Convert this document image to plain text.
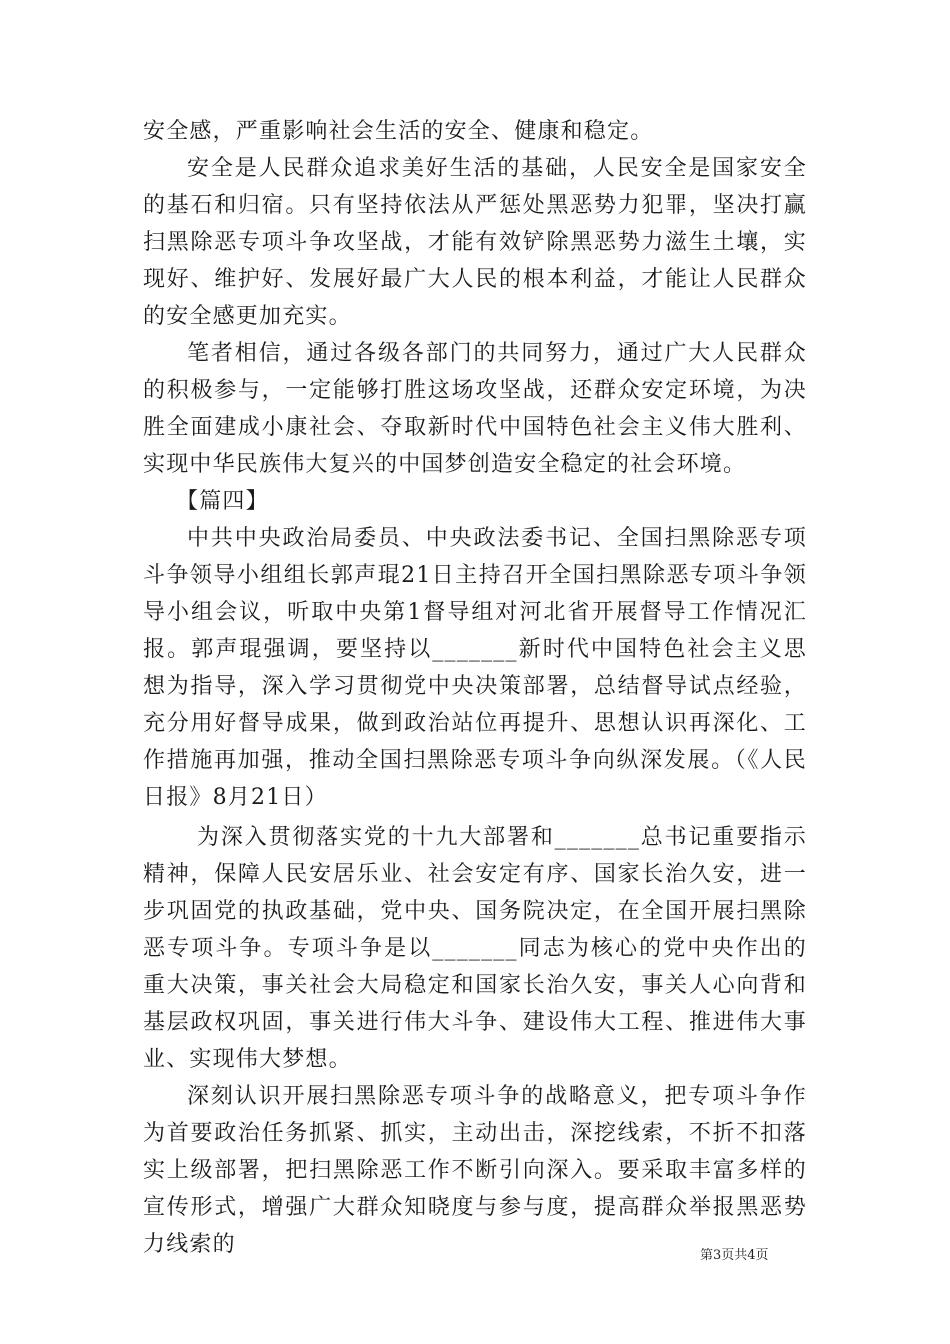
安全感，严重影响社会生活的安全、健康和稳定。

安全是人民群众追求美好生活的基础，人民安全是国家安全的基石和归宿。只有坚持依法从严惩处黑恶势力犯罪，坚决打赢扫黑除恶专项斗争攻坚战，才能有效铲除黑恶势力滋生土壤，实现好、维护好、发展好最广大人民的根本利益，才能让人民群众的安全感更加充实。

笔者相信，通过各级各部门的共同努力，通过广大人民群众的积极参与，一定能够打胜这场攻坚战，还群众安定环境，为决胜全面建成小康社会、夺取新时代中国特色社会主义伟大胜利、实现中华民族伟大复兴的中国梦创造安全稳定的社会环境。

【篇四】

中共中央政治局委员、中央政法委书记、全国扫黑除恶专项斗争领导小组组长郭声琨21日主持召开全国扫黑除恶专项斗争领导小组会议，听取中央第1督导组对河北省开展督导工作情况汇报。郭声琨强调，要坚持以_______新时代中国特色社会主义思想为指导，深入学习贯彻党中央决策部署，总结督导试点经验，充分用好督导成果，做到政治站位再提升、思想认识再深化、工作措施再加强，推动全国扫黑除恶专项斗争向纵深发展。（《人民日报》8月21日）

为深入贯彻落实党的十九大部署和_______总书记重要指示精神，保障人民安居乐业、社会安定有序、国家长治久安，进一步巩固党的执政基础，党中央、国务院决定，在全国开展扫黑除恶专项斗争。专项斗争是以_______同志为核心的党中央作出的重大决策，事关社会大局稳定和国家长治久安，事关人心向背和基层政权巩固，事关进行伟大斗争、建设伟大工程、推进伟大事业、实现伟大梦想。

深刻认识开展扫黑除恶专项斗争的战略意义，把专项斗争作为首要政治任务抓紧、抓实，主动出击，深挖线索，不折不扣落实上级部署，把扫黑除恶工作不断引向深入。要采取丰富多样的宣传形式，增强广大群众知晓度与参与度，提高群众举报黑恶势力线索的	第3页共4页
